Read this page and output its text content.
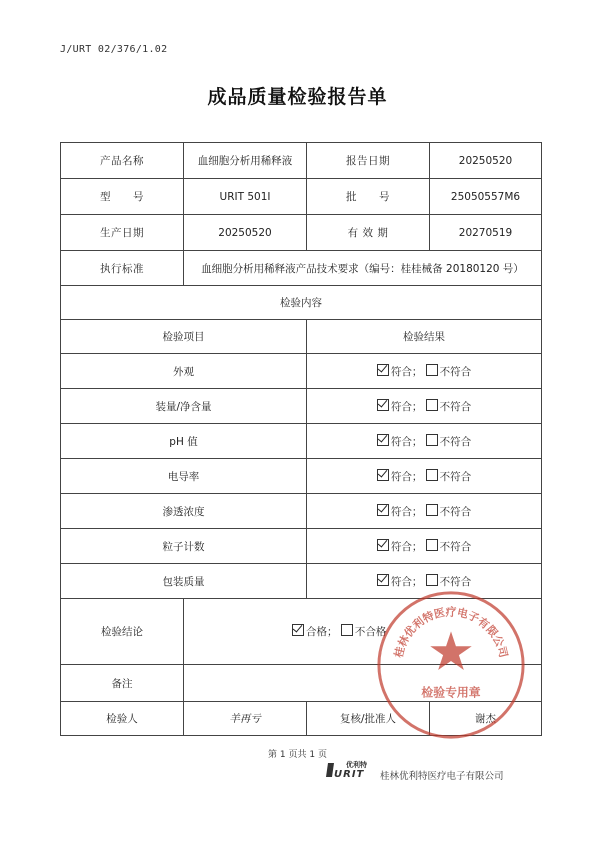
J/URT 02/376/1.02
成品质量检验报告单
产品名称	血细胞分析用稀释液	报告日期	20250520
型　　号	URIT 501I	批　　号	25050557M6
生产日期	20250520	有 效 期	20270519
执行标准	血细胞分析用稀释液产品技术要求（编号：桂桂械备 20180120 号）		
检验内容			
检验项目		检验结果	
外观		符合； 不符合	
装量/净含量		符合； 不符合	
pH 值		符合； 不符合	
电导率		符合； 不符合	
渗透浓度		符合； 不符合	
粒子计数		符合； 不符合	
包装质量		符合； 不符合	
检验结论	合格； 不合格		
备注			
检验人	羊再亏	复核/批准人	谢杰
桂林优利特医疗电子有限公司
检验专用章
第 1 页共 1 页
优利特
URIT 桂林优利特医疗电子有限公司
